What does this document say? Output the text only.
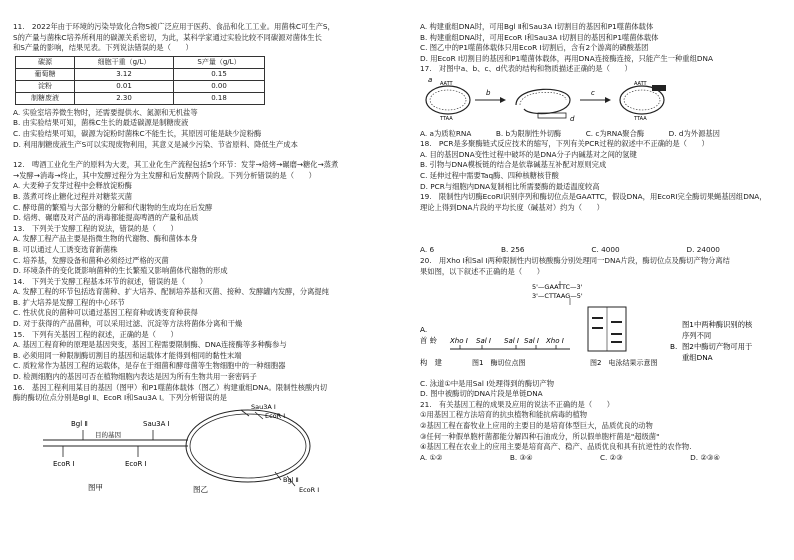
11.　2022年由于环境的污染导致化合物S被广泛应用于医药、食品和化工工业。用菌株C可生产S，
S的产量与菌株C培养所利用的碳源关系密切，为此，某科学家通过实验比较不同碳源对菌体生长
和S产量的影响，结果见表。下列说法错误的是（　　）
碳源	细胞干重（g/L）	S产量（g/L）
葡萄糖	3.12	0.15
淀粉	0.01	0.00
制糖废液	2.30	0.18
A. 实验室培养微生物时，还需要提供水、氮源和无机盐等
B. 由实验结果可知，菌株C生长的最适碳源是制糖废液
C. 由实验结果可知，碳源为淀粉时菌株C不能生长，其原因可能是缺少淀粉酶
D. 利用制糖废液生产S可以实现废物利用，其意义是减少污染、节省原料、降低生产成本
12.　啤酒工业化生产的原料为大麦，其工业化生产流程包括5个环节：发芽→焙烤→碾磨→糖化→蒸煮
→发酵→消毒→终止，其中发酵过程分为主发酵和后发酵两个阶段。下列分析错误的是（　　）
A. 大麦种子发芽过程中会释放淀粉酶
B. 蒸煮可终止糖化过程并对糖浆灭菌
C. 酵母菌的繁殖与大部分糖的分解和代谢物的生成均在后发酵
D. 焙烤、碾磨及对产品的消毒都能提高啤酒的产量和品质
13.　下列关于发酵工程的说法，错误的是（　　）
A. 发酵工程产品主要是指微生物的代谢物、酶和菌体本身
B. 可以通过人工诱变选育新菌株
C. 培养基，发酵设备和菌种必须经过严格的灭菌
D. 环境条件的变化既影响菌种的生长繁殖又影响菌体代谢物的形成
14.　下列关于发酵工程基本环节的叙述，错误的是（　　）
A. 发酵工程的环节包括选育菌种、扩大培养、配制培养基和灭菌、接种、发酵罐内发酵，分离提纯
B. 扩大培养是发酵工程的中心环节
C. 性状优良的菌种可以通过基因工程育种或诱变育种获得
D. 对于获得的产品菌种，可以采用过滤、沉淀等方法将菌体分离和干燥
15.　下列有关基因工程的叙述，正确的是（　　）
A. 基因工程育种的原理是基因突变，基因工程需要限制酶、DNA连接酶等多种酶参与
B. 必须用同一种限制酶切割目的基因和运载体才能得到相同的黏性末端
C. 质粒常作为基因工程的运载体，是存在于细菌和酵母菌等生物细胞中的一种细胞器
D. 检测细胞内的基因可否在植物细胞内表达是因为所有生物共用一套密码子
16.　基因工程利用某目的基因（图甲）和P1噬菌体载体（图乙）构建重组DNA。限制性核酸内切
酶的酶切位点分别是Bgl Ⅱ、EcoR Ⅰ和Sau3A Ⅰ。下列分析错误的是
Bgl Ⅱ	Sau3A Ⅰ
目的基因
EcoR Ⅰ	EcoR Ⅰ
图甲
Sau3A Ⅰ
EcoR Ⅰ
Bgl Ⅱ
EcoR Ⅰ
图乙
A. 构建重组DNA时，可用Bgl Ⅱ和Sau3A Ⅰ切割目的基因和P1噬菌体载体
B. 构建重组DNA时，可用EcoR Ⅰ和Sau3A Ⅰ切割目的基因和P1噬菌体载体
C. 图乙中的P1噬菌体载体只用EcoR Ⅰ切割后，含有2个游离的磷酸基团
D. 用EcoR Ⅰ切割目的基因和P1噬菌体载体，再用DNA连接酶连接，只能产生一种重组DNA
17.　对图中a、b、c、d代表的结构和物质描述正确的是（　　）
a AATT
TTAA
b
d
c
AATT
TTAA
A. a为质粒RNA	B. b为限制性外切酶	C. c为RNA聚合酶	D. d为外源基因
18.　PCR是多聚酶链式反应技术的缩写，下列有关PCR过程的叙述中不正确的是（　　）
A. 目的基因DNA变性过程中破坏的是DNA分子内碱基对之间的氢键
B. 引物与DNA模板链的结合是依靠碱基互补配对原则完成
C. 延伸过程中需要Taq酶、四种核糖核苷酸
D. PCR与细胞内DNA复制相比所需要酶的最适温度较高
19.　限制性内切酶EcoRI识别序列和酶切位点是GAATTC，假设DNA，用EcoRI完全酶切果蝇基因组DNA，
理论上得到DNA片段的平均长度（碱基对）约为（　　）
A. 6	B. 256	C. 4000	D. 24000
20.　用Xho Ⅰ和Sal Ⅰ两种限制性内切核酸酶分别处理同一DNA片段，酶切位点及酶切产物分离结
果如图，以下叙述不正确的是（　　）
5'—GAATTC—3'
3'—CTTAAG—5'
A.
首 蛉
构　建
Xho Ⅰ Sal Ⅰ Sal Ⅰ Sal Ⅰ Xho Ⅰ
图1　酶切位点图	图2　电泳结果示意图
图1中两种酶识别的核
序列不同
B. 图2中酶切产物可用于
重组DNA
C. 泳道①中是用Sal Ⅰ处理得到的酶切产物
D. 图中被酶切的DNA片段是单链DNA
21.　有关基因工程的成果及应用的说法不正确的是（　　）
①用基因工程方法培育的抗虫植物和能抗病毒的植物
②基因工程在畜牧业上应用的主要目的是培育体型巨大，品质优良的动物
③任何一种假单胞杆菌都能分解四种石油成分，所以假单胞杆菌是"超级菌"
④基因工程在农业上的应用主要是培育高产、稳产、品质优良和具有抗逆性的农作物.
A. ①②	B. ③④	C. ②③	D. ②③④
